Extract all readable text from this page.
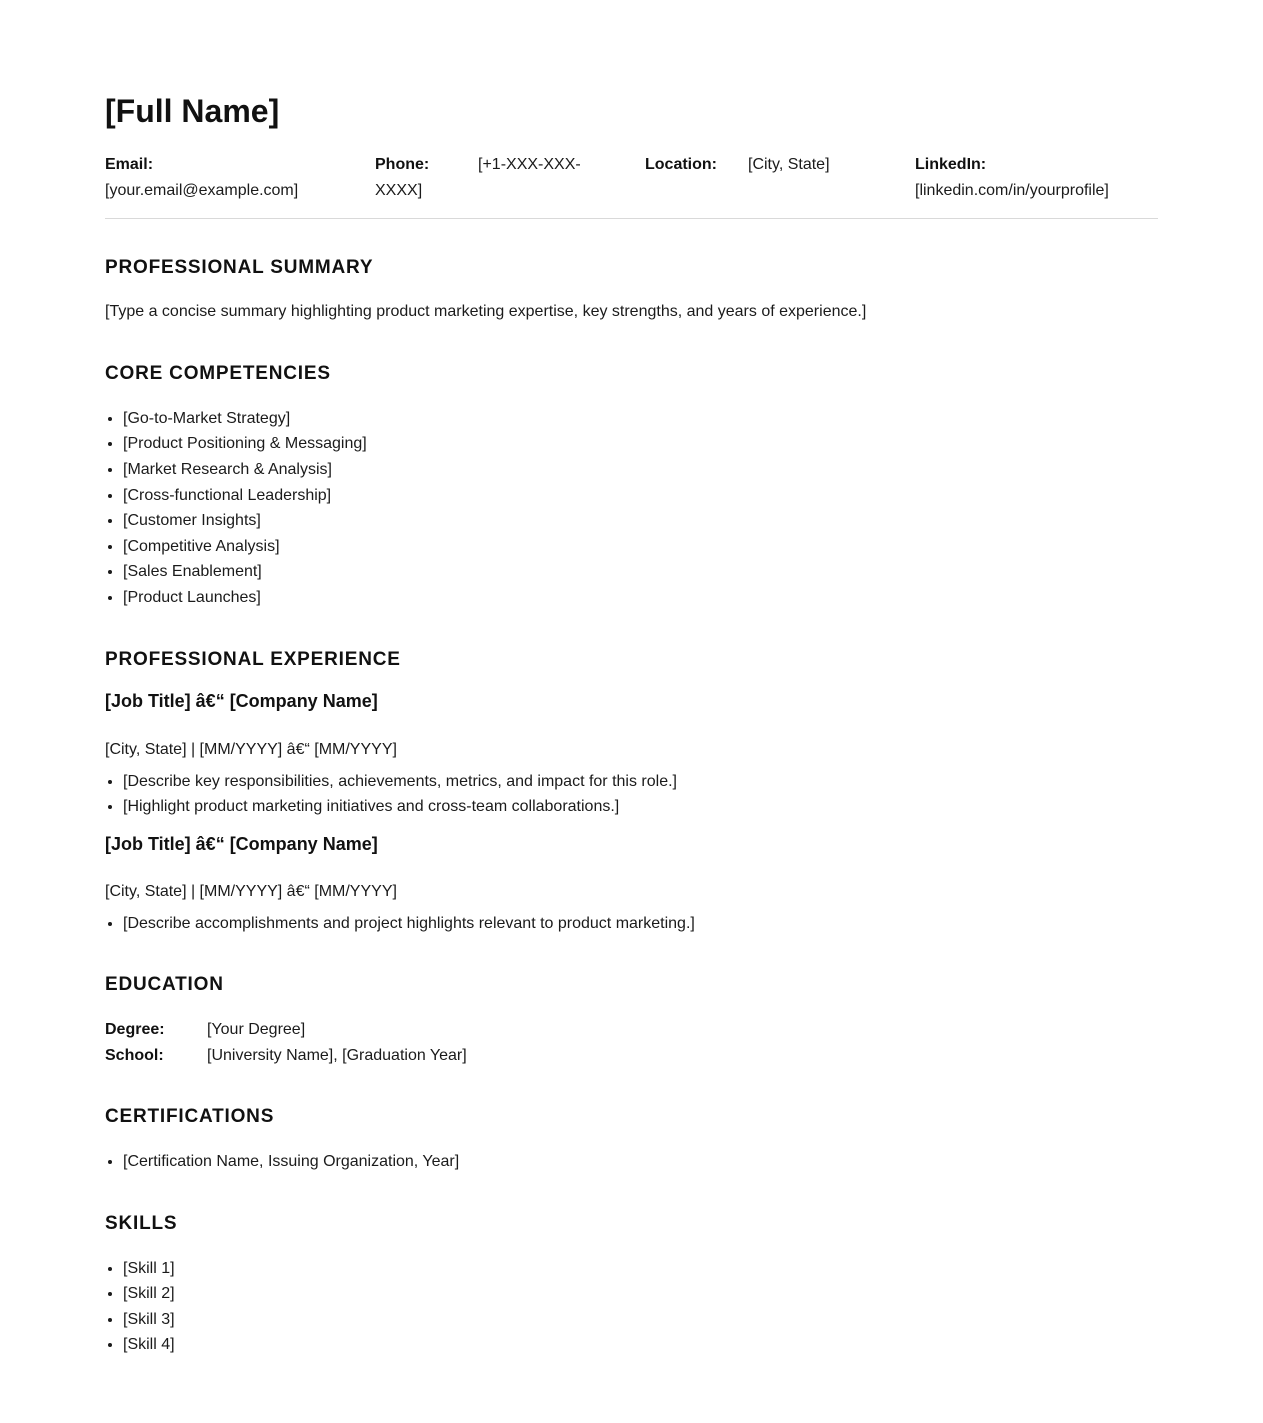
[Full Name]
Email:[your.email@example.com]
Phone:	[+1-XXX-XXX-XXXX]
Location: [City, State]	LinkedIn:[linkedin.com/in/yourprofile]
PROFESSIONAL SUMMARY

[Type a concise summary highlighting product marketing expertise, key strengths, and years of experience.]

CORE COMPETENCIES
• [Go-to-Market Strategy]
• [Product Positioning & Messaging]
• [Market Research & Analysis]
• [Cross-functional Leadership]
• [Customer Insights]
• [Competitive Analysis]
• [Sales Enablement]
• [Product Launches]
PROFESSIONAL EXPERIENCE
[Job Title] â€“ [Company Name]

[City, State] | [MM/YYYY] â€“ [MM/YYYY]

• [Describe key responsibilities, achievements, metrics, and impact for this role.]
• [Highlight product marketing initiatives and cross-team collaborations.]
[Job Title] â€“ [Company Name]

[City, State] | [MM/YYYY] â€“ [MM/YYYY]

• [Describe accomplishments and project highlights relevant to product marketing.]
EDUCATION
Degree:	[Your Degree]
School:	[University Name], [Graduation Year]
CERTIFICATIONS
• [Certification Name, Issuing Organization, Year]
SKILLS
• [Skill 1]
• [Skill 2]
• [Skill 3]
• [Skill 4]
